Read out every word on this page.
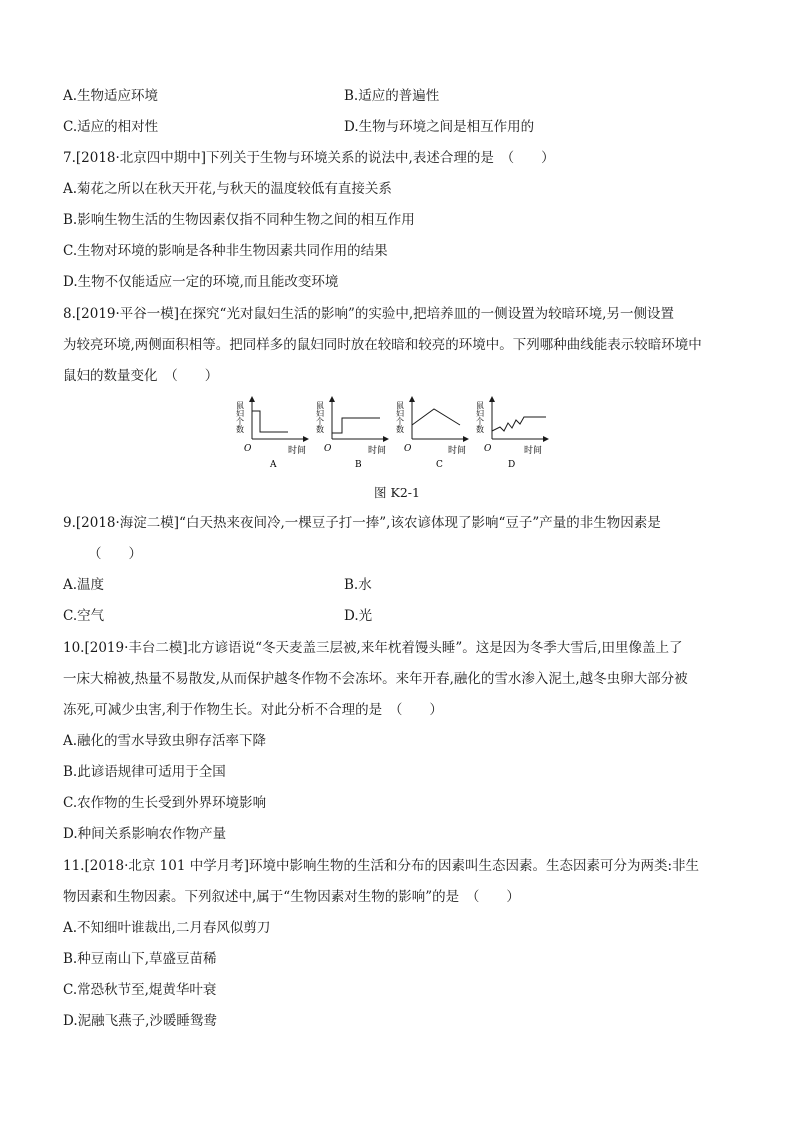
A.生物适应环境	B.适应的普遍性
C.适应的相对性	D.生物与环境之间是相互作用的
7.[2018·北京四中期中]下列关于生物与环境关系的说法中,表述合理的是　（　　）
A.菊花之所以在秋天开花,与秋天的温度较低有直接关系
B.影响生物生活的生物因素仅指不同种生物之间的相互作用
C.生物对环境的影响是各种非生物因素共同作用的结果
D.生物不仅能适应一定的环境,而且能改变环境
8.[2019·平谷一模]在探究“光对鼠妇生活的影响”的实验中,把培养皿的一侧设置为较暗环境,另一侧设置
为较亮环境,两侧面积相等。把同样多的鼠妇同时放在较暗和较亮的环境中。下列哪种曲线能表示较暗环境中
鼠妇的数量变化　（　　）
鼠妇个数
O	时间
A
鼠妇个数
O	时间
B
鼠妇个数
O	时间
C
鼠妇个数
O	时间
D
图 K2-1
9.[2018·海淀二模]“白天热来夜间冷,一棵豆子打一捧”,该农谚体现了影响“豆子”产量的非生物因素是
（　　）
A.温度	B.水
C.空气	D.光
10.[2019·丰台二模]北方谚语说“冬天麦盖三层被,来年枕着馒头睡”。这是因为冬季大雪后,田里像盖上了
一床大棉被,热量不易散发,从而保护越冬作物不会冻坏。来年开春,融化的雪水渗入泥土,越冬虫卵大部分被
冻死,可减少虫害,利于作物生长。对此分析不合理的是　（　　）
A.融化的雪水导致虫卵存活率下降
B.此谚语规律可适用于全国
C.农作物的生长受到外界环境影响
D.种间关系影响农作物产量
11.[2018·北京 101 中学月考]环境中影响生物的生活和分布的因素叫生态因素。生态因素可分为两类:非生
物因素和生物因素。下列叙述中,属于“生物因素对生物的影响”的是　（　　）
A.不知细叶谁裁出,二月春风似剪刀
B.种豆南山下,草盛豆苗稀
C.常恐秋节至,焜黄华叶衰
D.泥融飞燕子,沙暖睡鸳鸯
